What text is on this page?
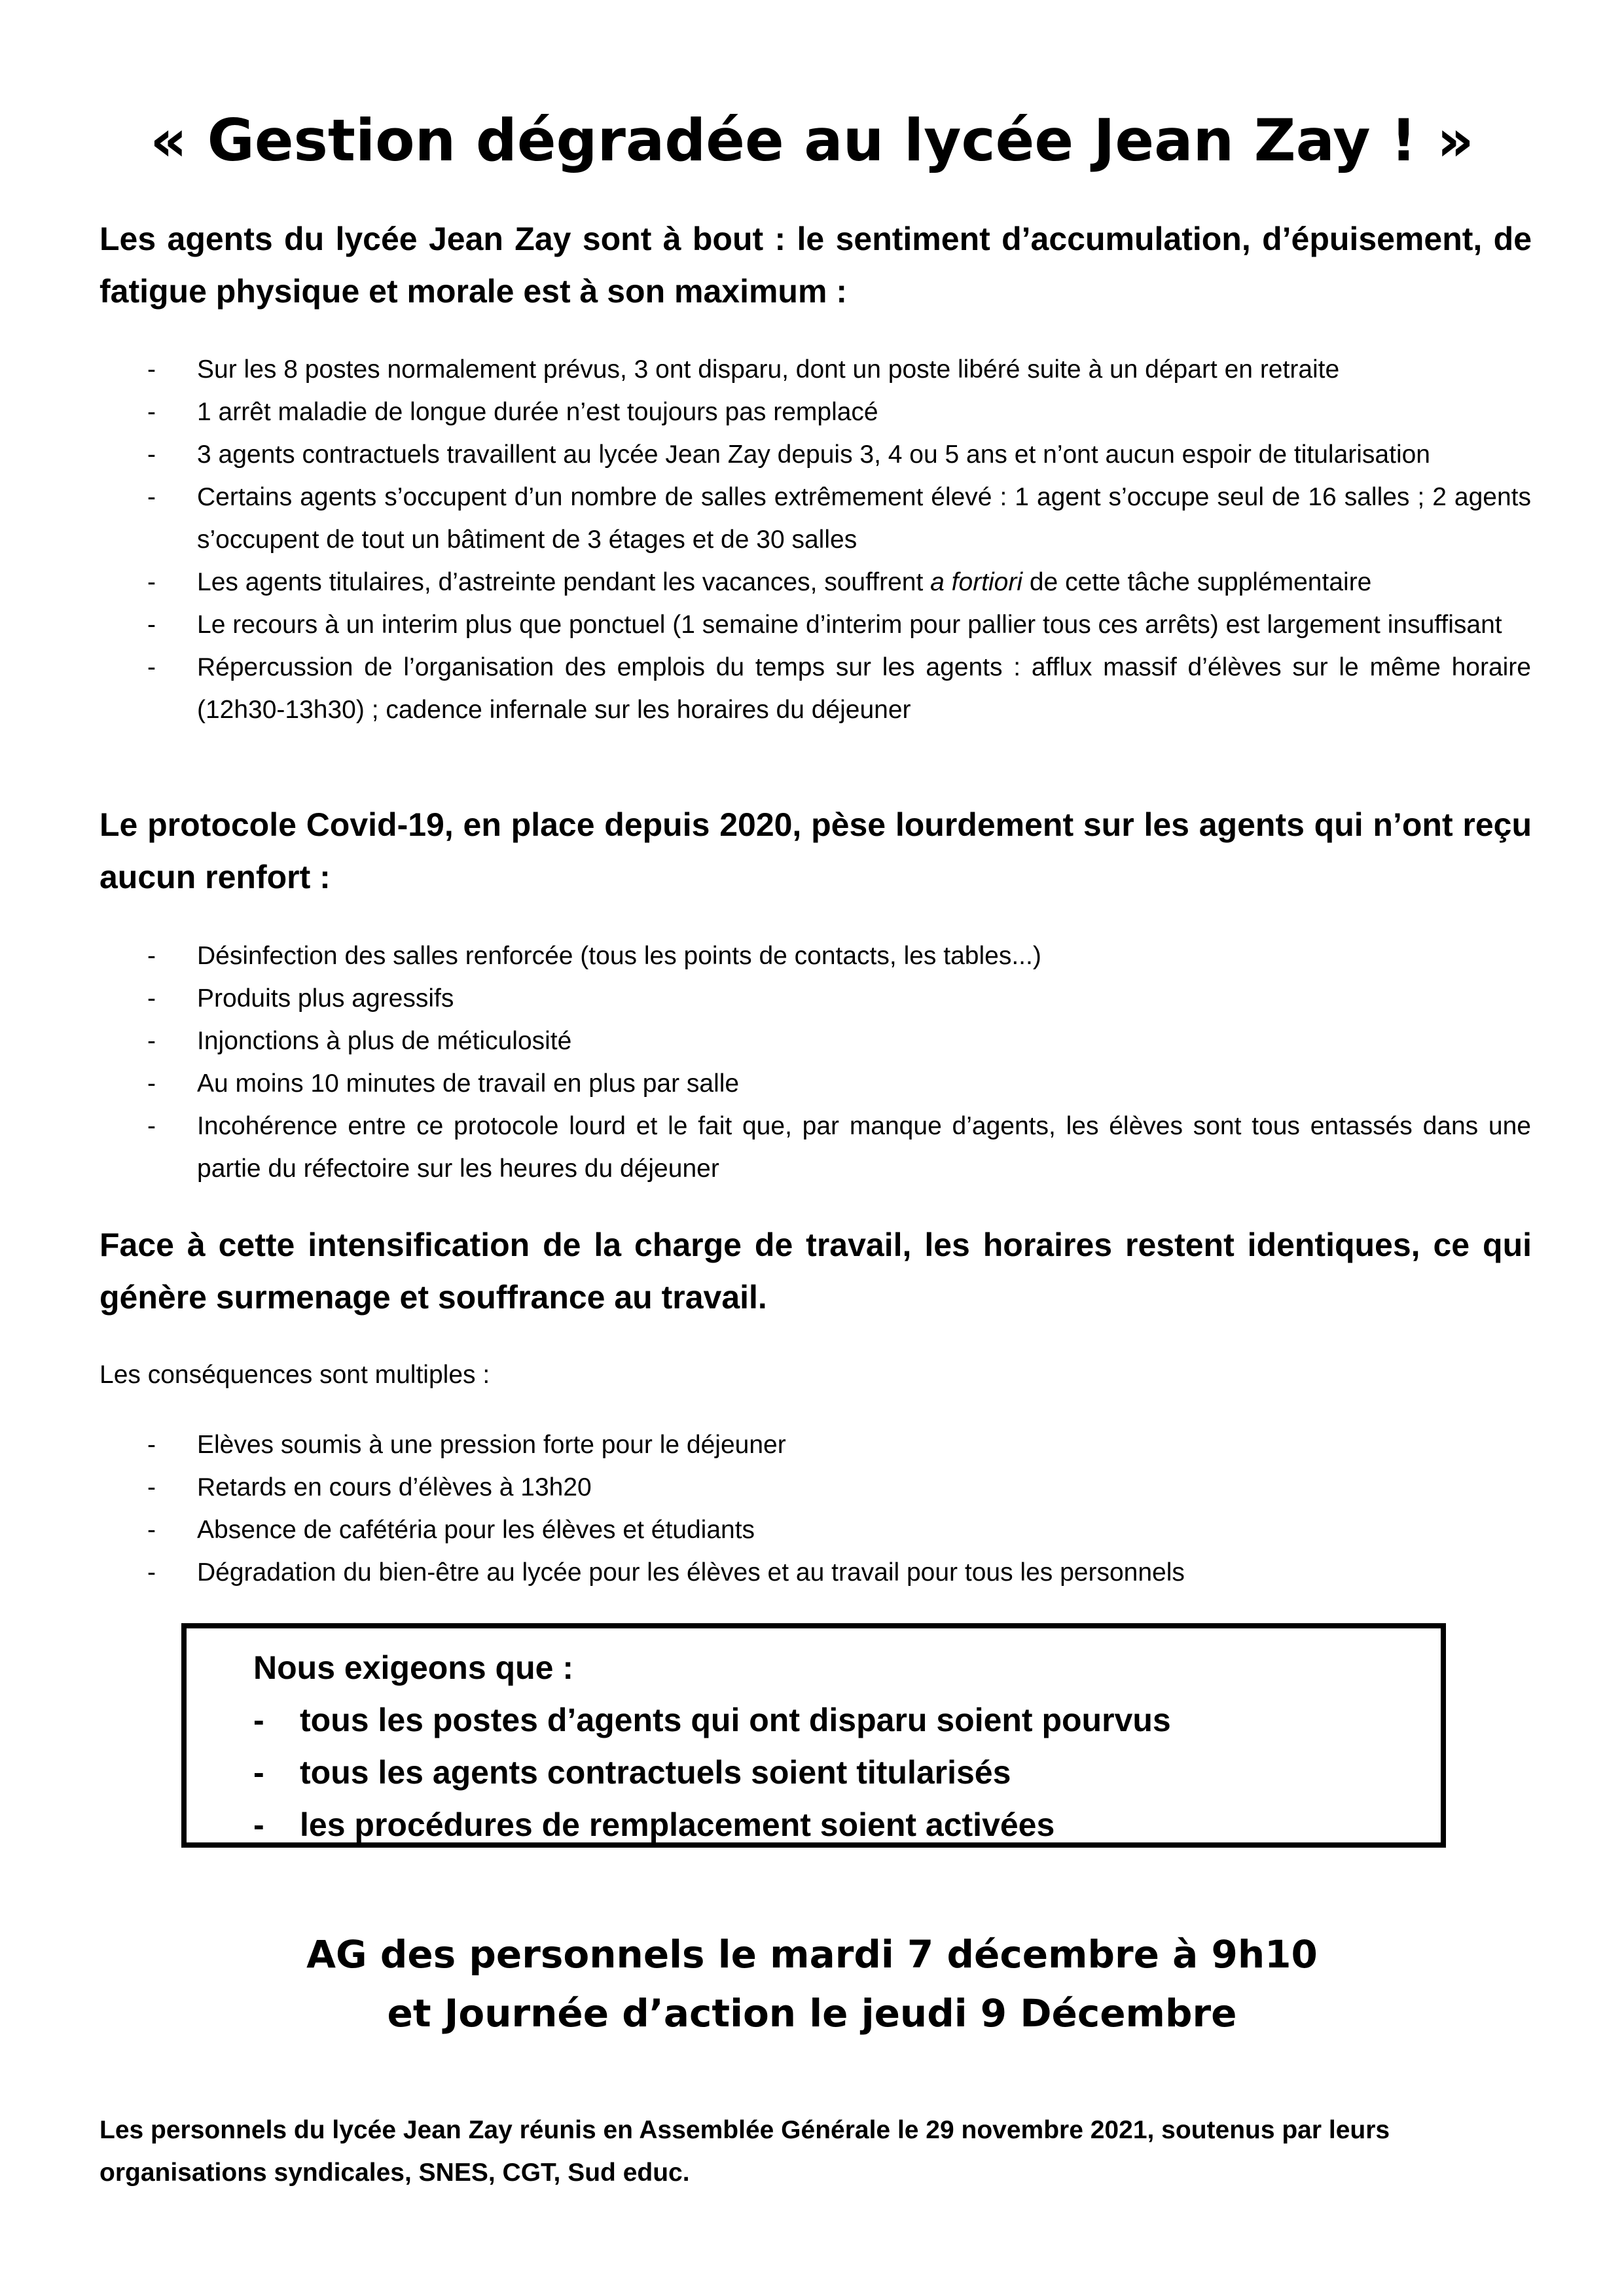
« Gestion dégradée au lycée Jean Zay ! »

Les agents du lycée Jean Zay sont à bout : le sentiment d’accumulation, d’épuisement, de fatigue physique et morale est à son maximum :

- Sur les 8 postes normalement prévus, 3 ont disparu, dont un poste libéré suite à un départ en retraite
- 1 arrêt maladie de longue durée n’est toujours pas remplacé
- 3 agents contractuels travaillent au lycée Jean Zay depuis 3, 4 ou 5 ans et n’ont aucun espoir de titularisation
- Certains agents s’occupent d’un nombre de salles extrêmement élevé : 1 agent s’occupe seul de 16 salles ; 2 agents s’occupent de tout un bâtiment de 3 étages et de 30 salles
- Les agents titulaires, d’astreinte pendant les vacances, souffrent a fortiori de cette tâche supplémentaire
- Le recours à un interim plus que ponctuel (1 semaine d’interim pour pallier tous ces arrêts) est largement insuffisant
- Répercussion de l’organisation des emplois du temps sur les agents : afflux massif d’élèves sur le même horaire (12h30-13h30) ; cadence infernale sur les horaires du déjeuner

Le protocole Covid-19, en place depuis 2020, pèse lourdement sur les agents qui n’ont reçu aucun renfort :

- Désinfection des salles renforcée (tous les points de contacts, les tables...)
- Produits plus agressifs
- Injonctions à plus de méticulosité
- Au moins 10 minutes de travail en plus par salle
- Incohérence entre ce protocole lourd et le fait que, par manque d’agents, les élèves sont tous entassés dans une partie du réfectoire sur les heures du déjeuner

Face à cette intensification de la charge de travail, les horaires restent identiques, ce qui génère surmenage et souffrance au travail.

Les conséquences sont multiples :

- Elèves soumis à une pression forte pour le déjeuner
- Retards en cours d’élèves à 13h20
- Absence de cafétéria pour les élèves et étudiants
- Dégradation du bien-être au lycée pour les élèves et au travail pour tous les personnels

Nous exigeons que :

- tous les postes d’agents qui ont disparu soient pourvus
- tous les agents contractuels soient titularisés
- les procédures de remplacement soient activées

AG des personnels le mardi 7 décembre à 9h10

et Journée d’action le jeudi 9 Décembre

Les personnels du lycée Jean Zay réunis en Assemblée Générale le 29 novembre 2021, soutenus par leurs organisations syndicales, SNES, CGT, Sud educ.
